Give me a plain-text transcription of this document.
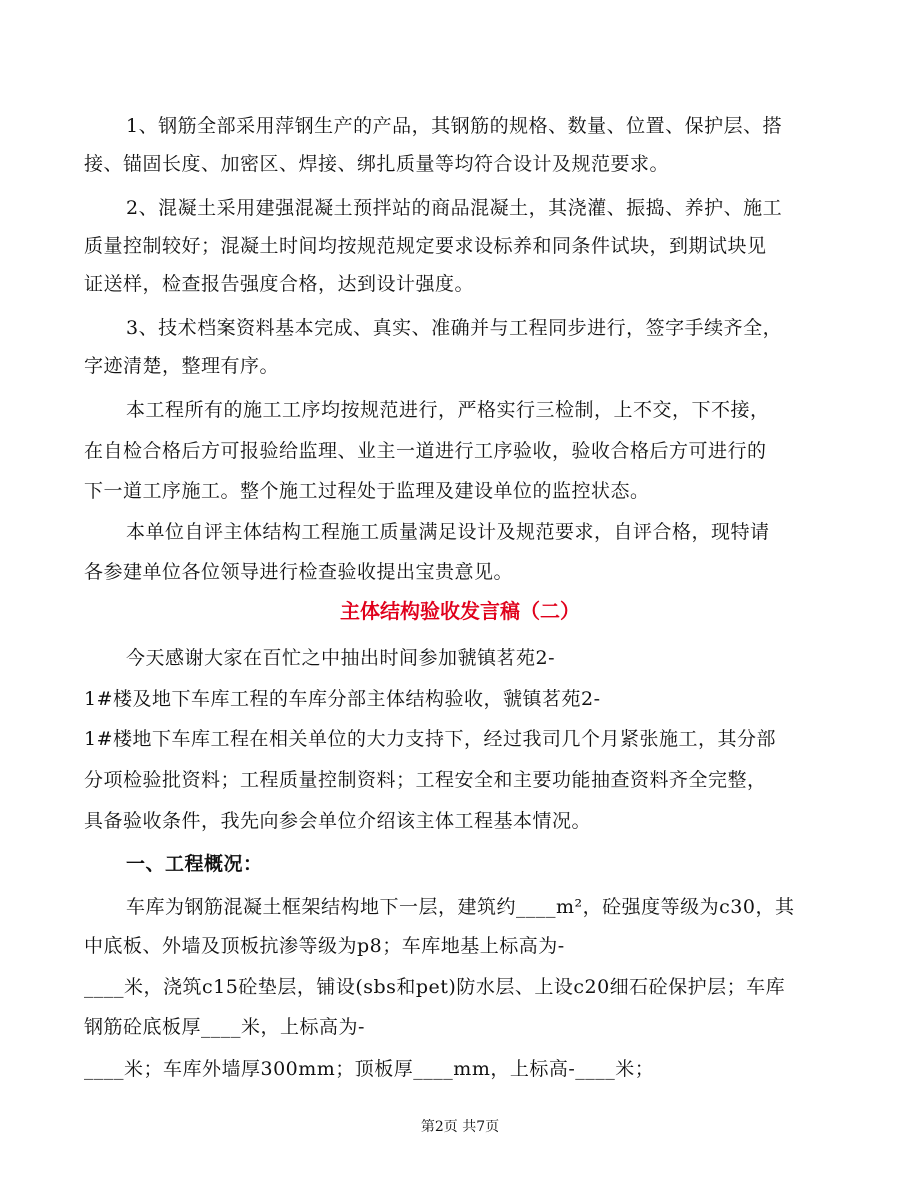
1、钢筋全部采用萍钢生产的产品，其钢筋的规格、数量、位置、保护层、搭
接、锚固长度、加密区、焊接、绑扎质量等均符合设计及规范要求。
2、混凝土采用建强混凝土预拌站的商品混凝土，其浇灌、振捣、养护、施工
质量控制较好；混凝土时间均按规范规定要求设标养和同条件试块，到期试块见
证送样，检查报告强度合格，达到设计强度。
3、技术档案资料基本完成、真实、准确并与工程同步进行，签字手续齐全，
字迹清楚，整理有序。
本工程所有的施工工序均按规范进行，严格实行三检制，上不交，下不接，
在自检合格后方可报验给监理、业主一道进行工序验收，验收合格后方可进行的
下一道工序施工。整个施工过程处于监理及建设单位的监控状态。
本单位自评主体结构工程施工质量满足设计及规范要求，自评合格，现特请
各参建单位各位领导进行检查验收提出宝贵意见。
主体结构验收发言稿（二）
今天感谢大家在百忙之中抽出时间参加虢镇茗苑2-
1#楼及地下车库工程的车库分部主体结构验收，虢镇茗苑2-
1#楼地下车库工程在相关单位的大力支持下，经过我司几个月紧张施工，其分部
分项检验批资料；工程质量控制资料；工程安全和主要功能抽查资料齐全完整，
具备验收条件，我先向参会单位介绍该主体工程基本情况。
一、工程概况：
车库为钢筋混凝土框架结构地下一层，建筑约____m²，砼强度等级为c30，其
中底板、外墙及顶板抗渗等级为p8；车库地基上标高为-
____米，浇筑c15砼垫层，铺设(sbs和pet)防水层、上设c20细石砼保护层；车库
钢筋砼底板厚____米，上标高为-
____米；车库外墙厚300mm；顶板厚____mm，上标高-____米；
第2页 共7页
